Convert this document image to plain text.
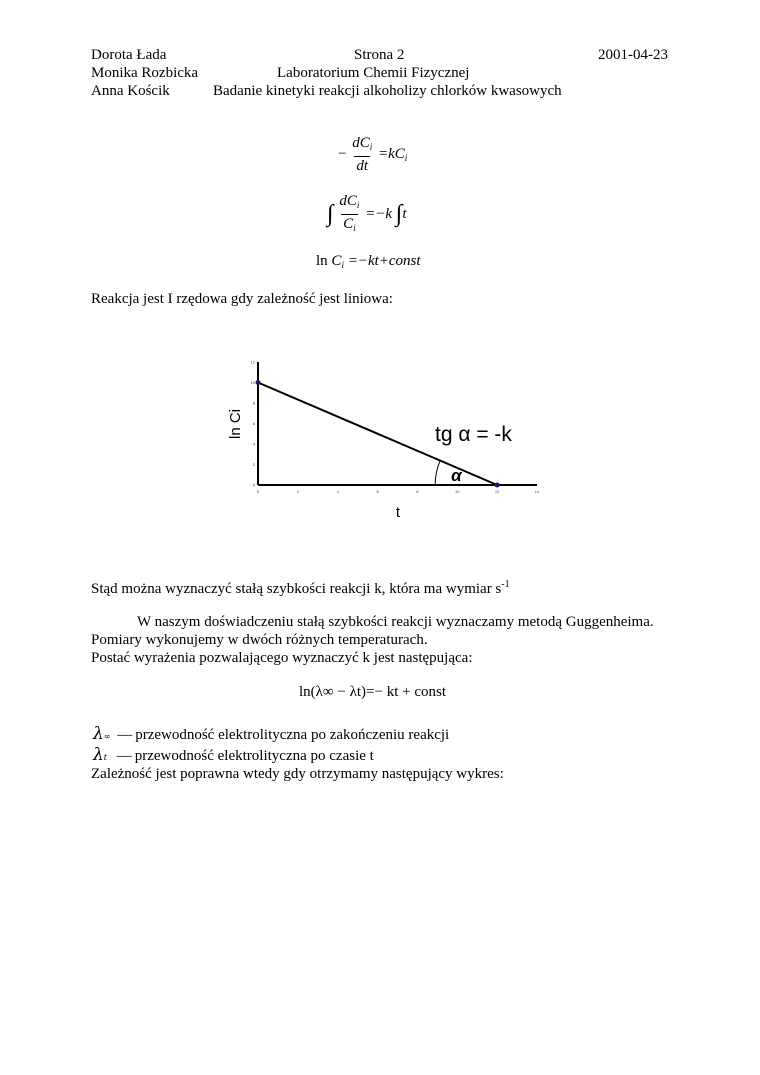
Dorota Łada
Monika Rozbicka
Anna Kościk
Strona 2	2001-04-23
Laboratorium Chemii Fizycznej
Badanie kinetyki reakcji alkoholizy chlorków kwasowych
− $\frac{dC_i}{dt} =kC_i$
∫ $\frac{dC_i}{C_i} =-k$ ∫t
$\ln C_i$ =−kt+const
Reakcja jest I rzędowa gdy zależność jest liniowa:
0	2	4	6	8	10	12	14
0
2
4
6
8
10
12
α
tg α = -k
t
ln Ci
Stąd można wyznaczyć stałą szybkości reakcji k, która ma wymiar $s^{-1}$
W naszym doświadczeniu stałą szybkości reakcji wyznaczamy metodą Guggenheima.
Pomiary wykonujemy w dwóch różnych temperaturach.
Postać wyrażenia pozwalającego wyznaczyć k jest następująca:
ln(λ∞ − λt)=− kt + const
λ∞ — przewodność elektrolityczna po zakończeniu reakcji
λt — przewodność elektrolityczna po czasie t
Zależność jest poprawna wtedy gdy otrzymamy następujący wykres:
